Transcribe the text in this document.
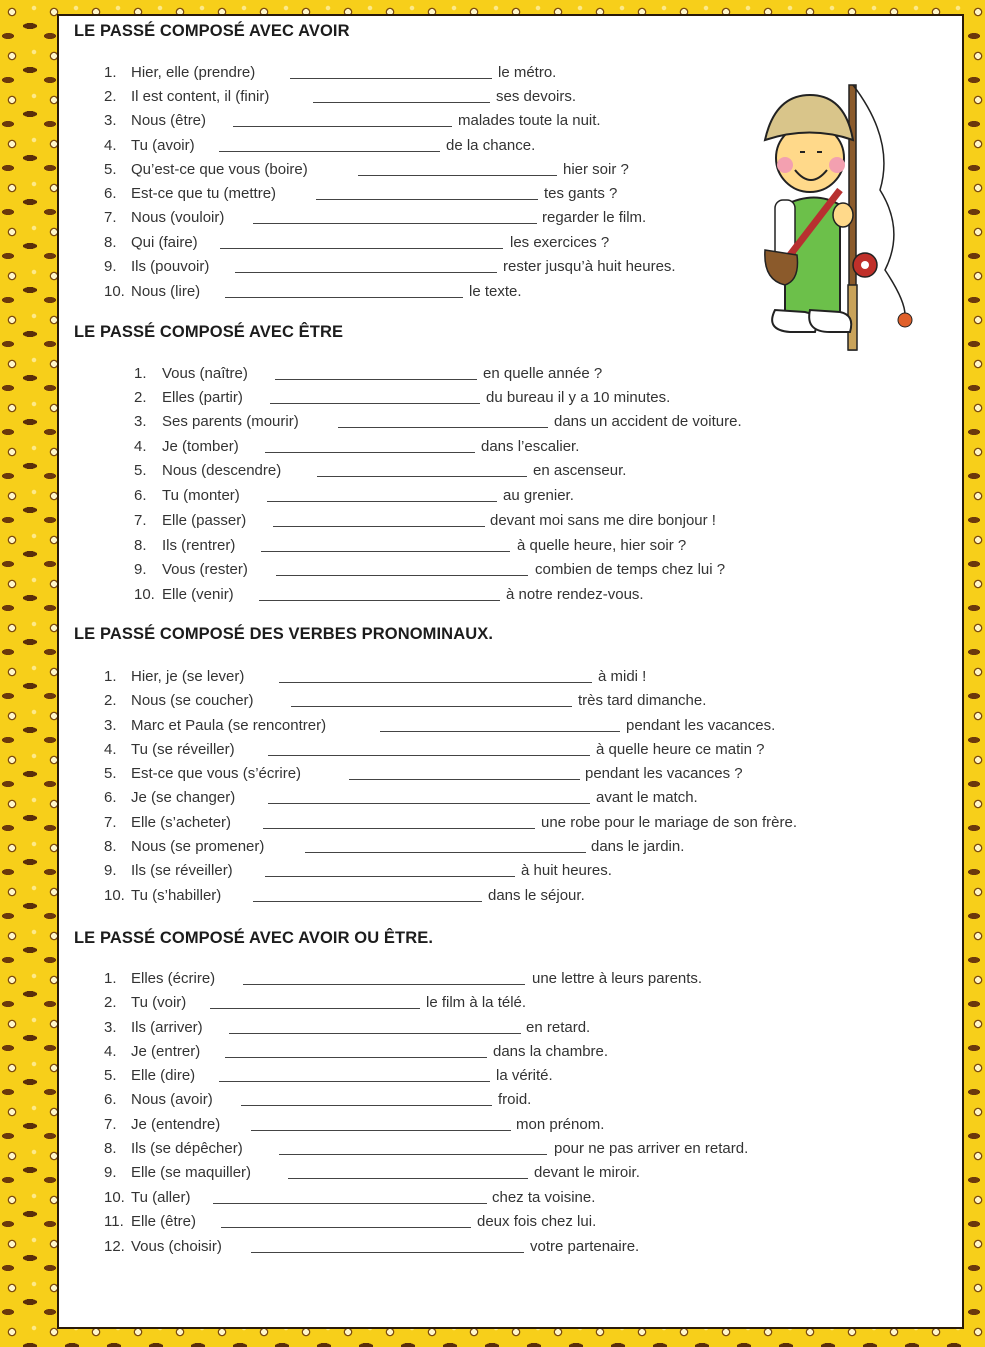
LE PASSÉ COMPOSÉ AVEC AVOIR
1. Hier, elle (prendre)	le métro.
2. Il est content, il (finir)	ses devoirs.
3. Nous (être)	malades toute la nuit.
4. Tu (avoir)	de la chance.
5. Qu’est-ce que vous (boire)	hier soir ?
6. Est-ce que tu (mettre)	tes gants ?
7. Nous (vouloir)	regarder le film.
8. Qui (faire)	les exercices ?
9. Ils (pouvoir)	rester jusqu’à huit heures.
10. Nous (lire)	le texte.
LE PASSÉ COMPOSÉ AVEC ÊTRE
1. Vous (naître)	en quelle année ?
2. Elles (partir)	du bureau il y a 10 minutes.
3. Ses parents (mourir)	dans un accident de voiture.
4. Je (tomber)	dans l’escalier.
5. Nous (descendre)	en ascenseur.
6. Tu (monter)	au grenier.
7. Elle (passer)	devant moi sans me dire bonjour !
8. Ils (rentrer)	à quelle heure, hier soir ?
9. Vous (rester)	combien de temps chez lui ?
10. Elle (venir)	à notre rendez-vous.
LE PASSÉ COMPOSÉ DES VERBES PRONOMINAUX.
1. Hier, je (se lever)	à midi !
2. Nous (se coucher)	très tard dimanche.
3. Marc et Paula (se rencontrer)	pendant les vacances.
4. Tu (se réveiller)	à quelle heure ce matin ?
5. Est-ce que vous (s’écrire)	pendant les vacances ?
6. Je (se changer)	avant le match.
7. Elle (s’acheter)	une robe pour le mariage de son frère.
8. Nous (se promener)	dans le jardin.
9. Ils (se réveiller)	à huit heures.
10. Tu (s’habiller)	dans le séjour.
LE PASSÉ COMPOSÉ AVEC AVOIR OU ÊTRE.
1. Elles (écrire)	une lettre à leurs parents.
2. Tu (voir)	le film à la télé.
3. Ils (arriver)	en retard.
4. Je (entrer)	dans la chambre.
5. Elle (dire)	la vérité.
6. Nous (avoir)	froid.
7. Je (entendre)	mon prénom.
8. Ils (se dépêcher)	pour ne pas arriver en retard.
9. Elle (se maquiller)	devant le miroir.
10. Tu (aller)	chez ta voisine.
11. Elle (être)	deux fois chez lui.
12. Vous (choisir)	votre partenaire.
